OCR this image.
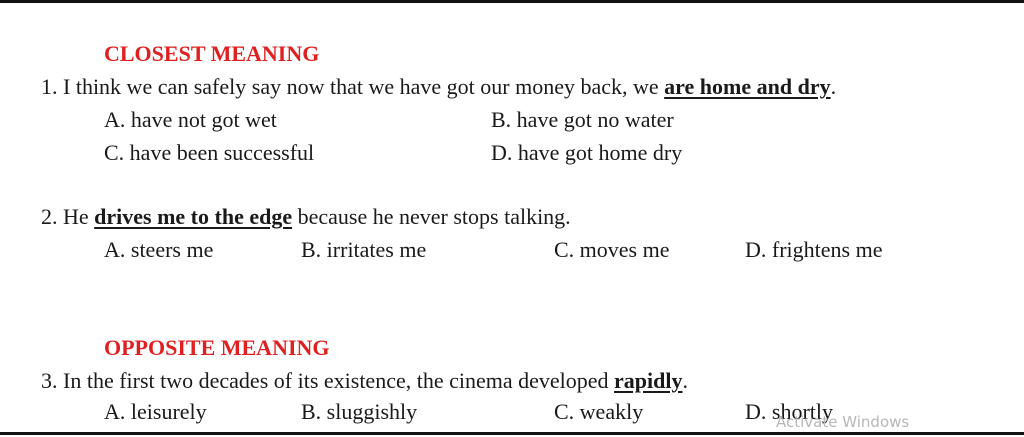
CLOSEST MEANING
1. I think we can safely say now that we have got our money back, we are home and dry.
A. have not got wet	B. have got no water
C. have been successful	D. have got home dry
2. He drives me to the edge because he never stops talking.
A. steers me	B. irritates me	C. moves me	D. frightens me
OPPOSITE MEANING
3. In the first two decades of its existence, the cinema developed rapidly.
A. leisurely	B. sluggishly	C. weakly	D. shortly
Activate Windows
